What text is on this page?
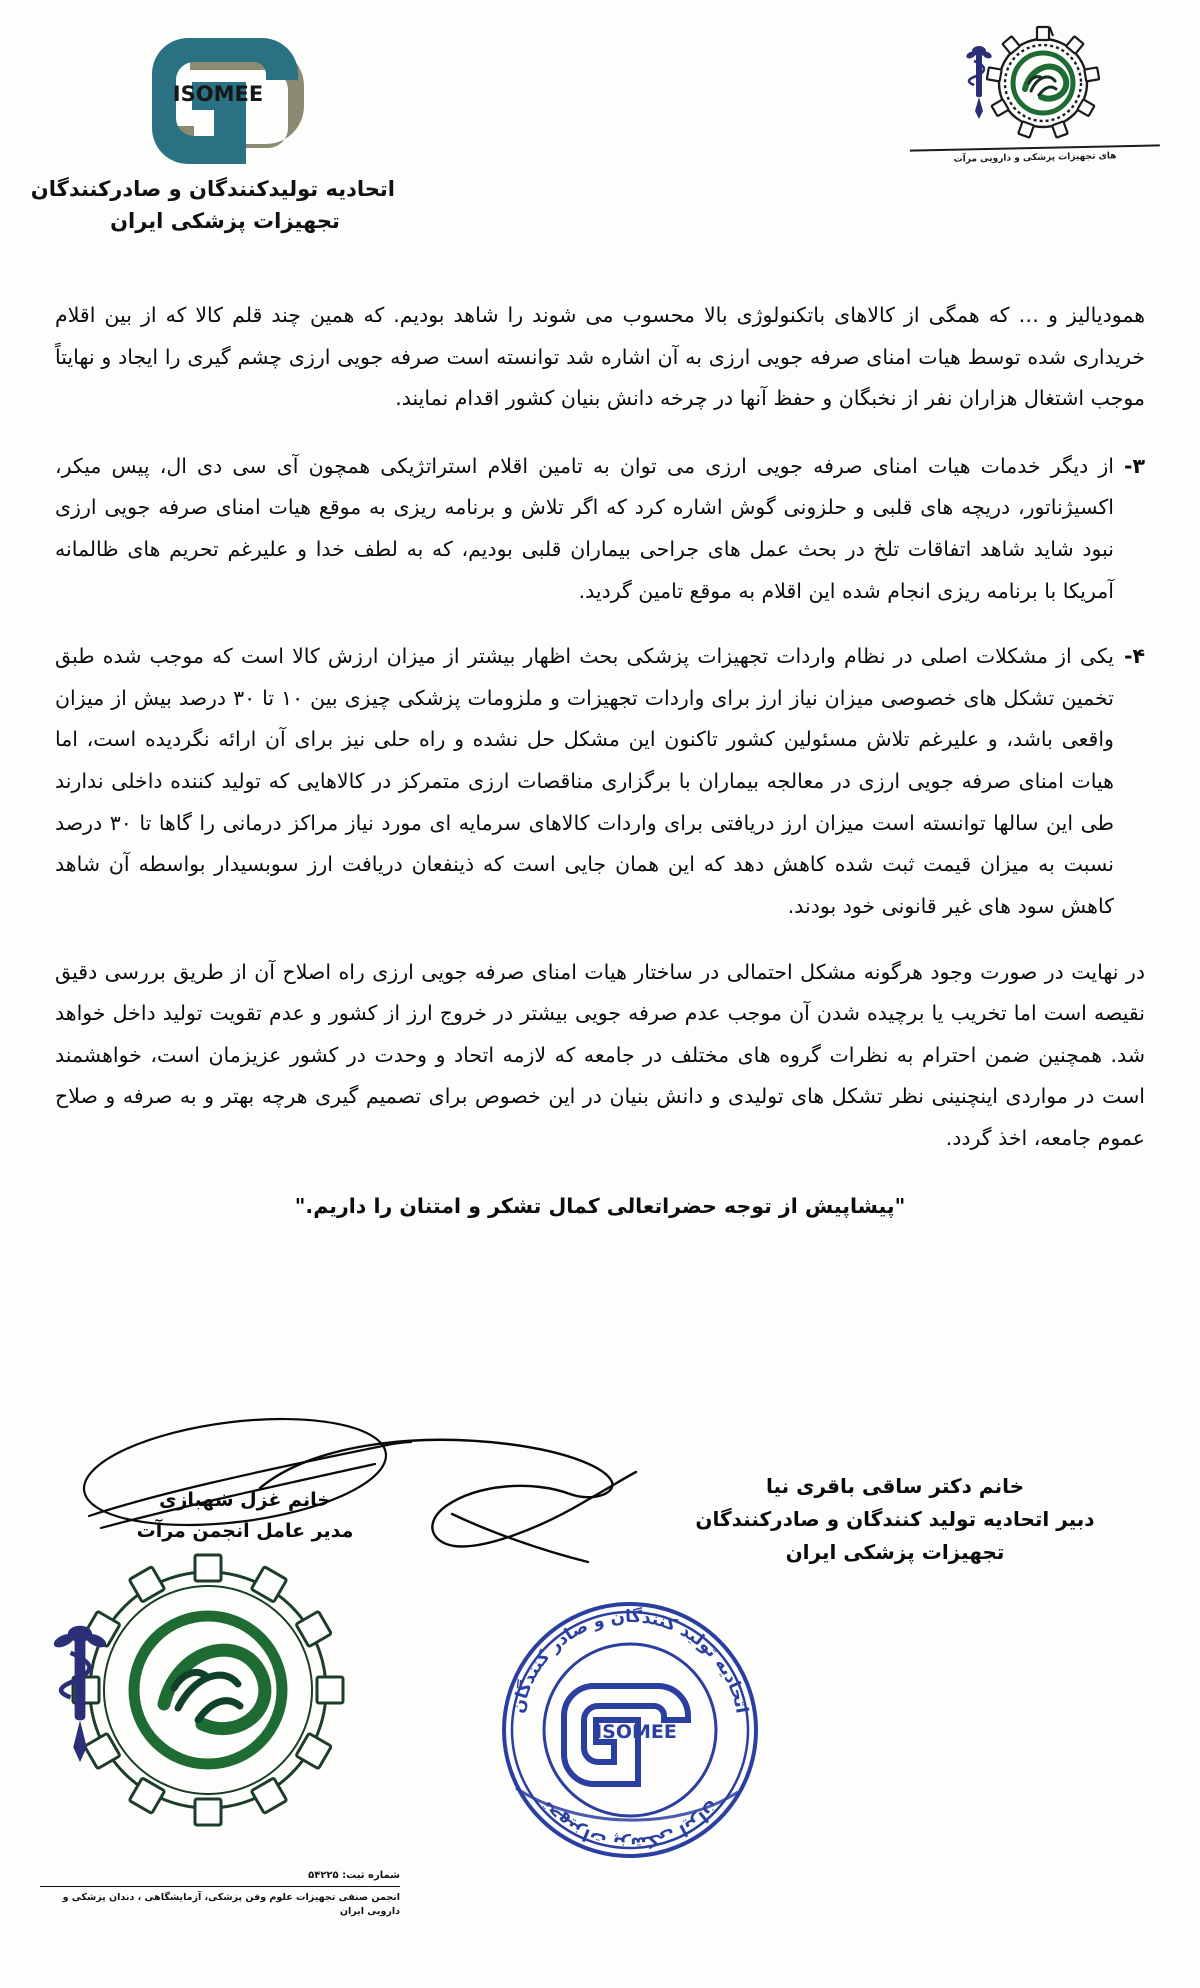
ISOMEE
اتحادیه تولیدکنندگان و صادرکنندگان
تجهیزات پزشکی ایران
های تجهیزات پزشکی و دارویی مرآت

همودیالیز و … که همگی از کالاهای باتکنولوژی بالا محسوب می شوند را شاهد بودیم. که همین چند قلم کالا که از بین اقلام خریداری شده توسط هیات امنای صرفه جویی ارزی به آن اشاره شد توانسته است صرفه جویی ارزی چشم گیری را ایجاد و نهایتاً موجب اشتغال هزاران نفر از نخبگان و حفظ آنها در چرخه دانش بنیان کشور اقدام نمایند.

۳-
از دیگر خدمات هیات امنای صرفه جویی ارزی می توان به تامین اقلام استراتژیکی همچون آی سی دی ال، پیس میکر، اکسیژناتور، دریچه های قلبی و حلزونی گوش اشاره کرد که اگر تلاش و برنامه ریزی به موقع هیات امنای صرفه جویی ارزی نبود شاید شاهد اتفاقات تلخ در بحث عمل های جراحی بیماران قلبی بودیم، که به لطف خدا و علیرغم تحریم های ظالمانه آمریکا با برنامه ریزی انجام شده این اقلام به موقع تامین گردید.
۴-
یکی از مشکلات اصلی در نظام واردات تجهیزات پزشکی بحث اظهار بیشتر از میزان ارزش کالا است که موجب شده طبق تخمین تشکل های خصوصی میزان نیاز ارز برای واردات تجهیزات و ملزومات پزشکی چیزی بین ۱۰ تا ۳۰ درصد بیش از میزان واقعی باشد، و علیرغم تلاش مسئولین کشور تاکنون این مشکل حل نشده و راه حلی نیز برای آن ارائه نگردیده است، اما هیات امنای صرفه جویی ارزی در معالجه بیماران با برگزاری مناقصات ارزی متمرکز در کالاهایی که تولید کننده داخلی ندارند طی این سالها توانسته است میزان ارز دریافتی برای واردات کالاهای سرمایه ای مورد نیاز مراکز درمانی را گاها تا ۳۰ درصد نسبت به میزان قیمت ثبت شده کاهش دهد که این همان جایی است که ذینفعان دریافت ارز سوبسیدار بواسطه آن شاهد کاهش سود های غیر قانونی خود بودند.

در نهایت در صورت وجود هرگونه مشکل احتمالی در ساختار هیات امنای صرفه جویی ارزی راه اصلاح آن از طریق بررسی دقیق نقیصه است اما تخریب یا برچیده شدن آن موجب عدم صرفه جویی بیشتر در خروج ارز از کشور و عدم تقویت تولید داخل خواهد شد. همچنین ضمن احترام به نظرات گروه های مختلف در جامعه که لازمه اتحاد و وحدت در کشور عزیزمان است، خواهشمند است در مواردی اینچنینی نظر تشکل های تولیدی و دانش بنیان در این خصوص برای تصمیم گیری هرچه بهتر و به صرفه و صلاح عموم جامعه، اخذ گردد.

"پیشاپیش از توجه حضراتعالی کمال تشکر و امتنان را داریم."

خانم دکتر ساقی باقری نیا
دبیر اتحادیه تولید کنندگان و صادرکنندگان
تجهیزات پزشکی ایران
خانم غزل شهبازی
مدیر عامل انجمن مرآت
شماره ثبت: ۵۴۲۲۵
انجمن صنفی تجهیزات علوم وفن پزشکی، آزمایشگاهی ، دندان پزشکی و دارویی ایران
اتحادیه تولید کنندگان و صادر کنندگان
تجهیزات پزشکی ایران
ISOMEE
